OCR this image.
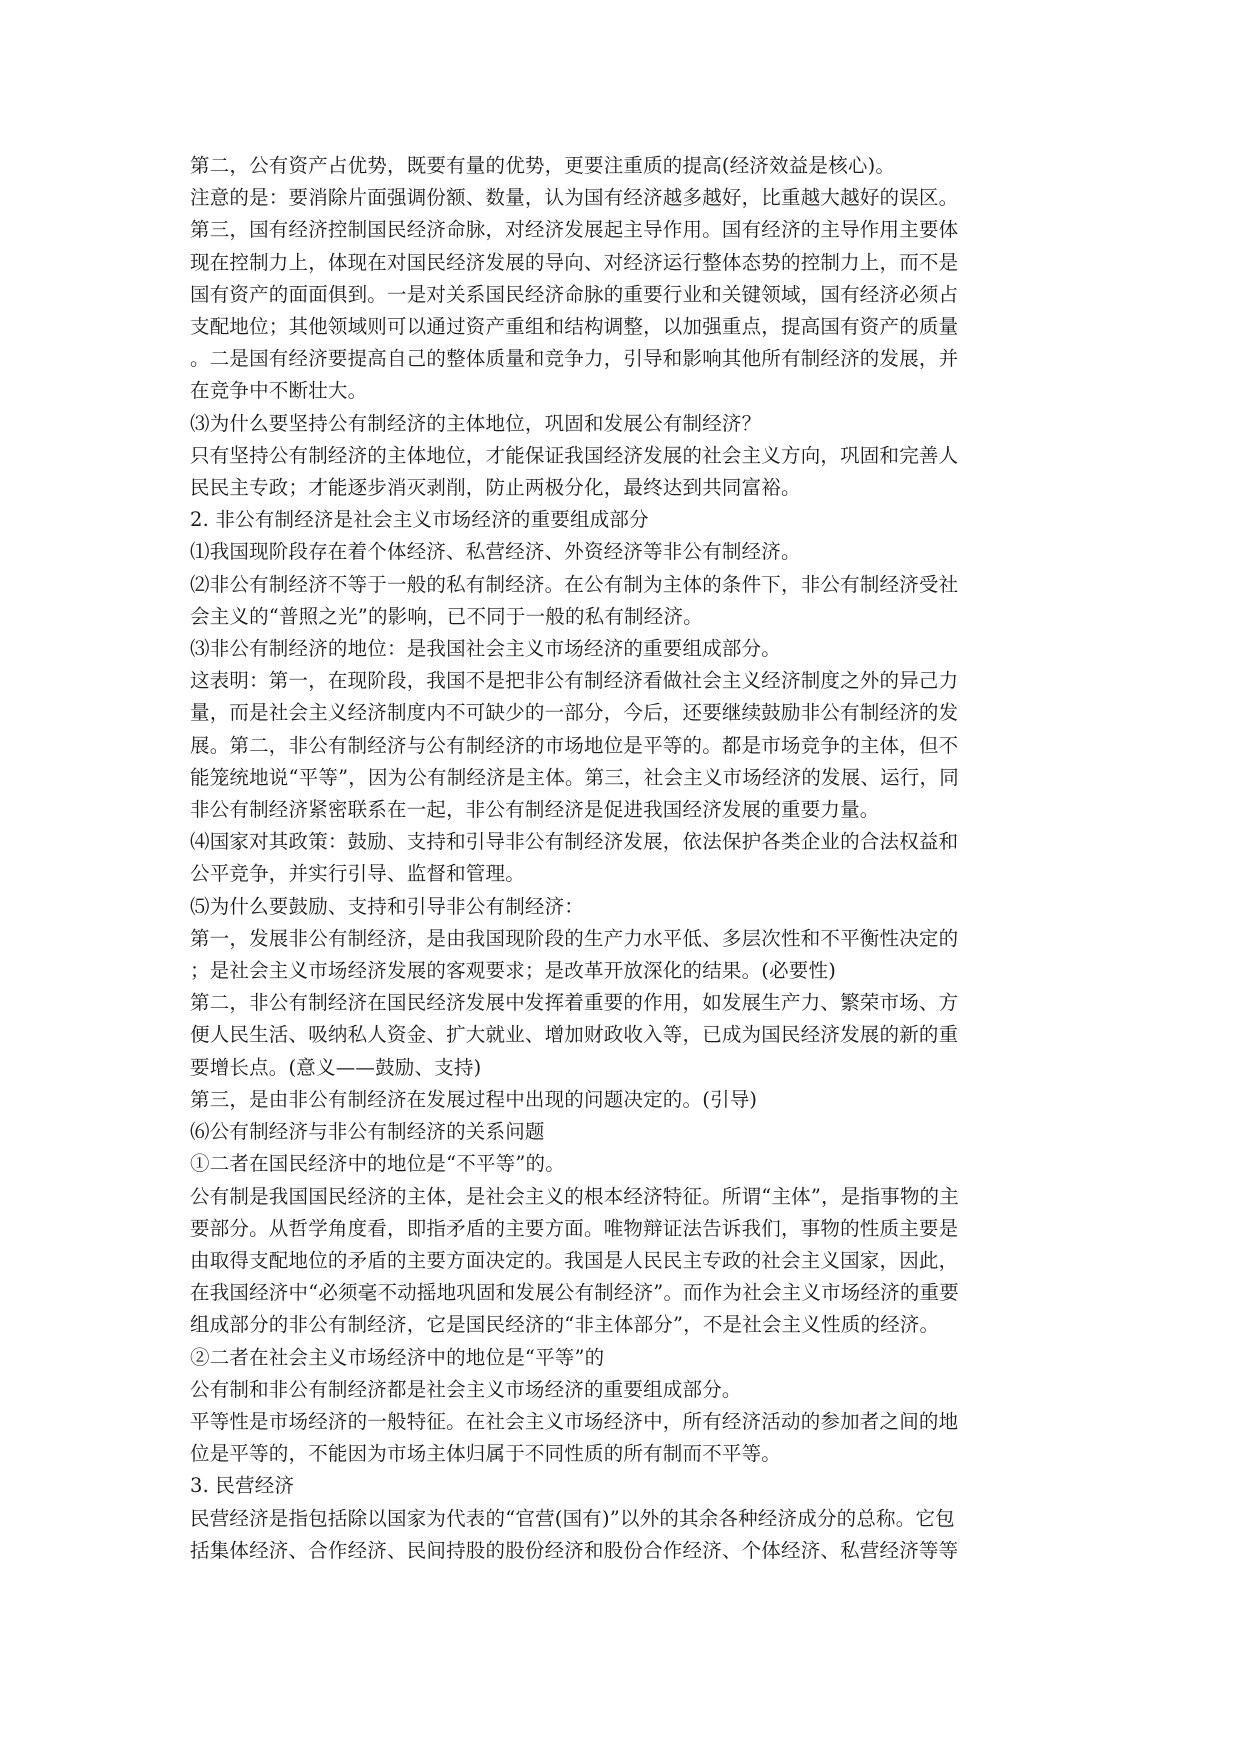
第二，公有资产占优势，既要有量的优势，更要注重质的提高(经济效益是核心)。

注意的是：要消除片面强调份额、数量，认为国有经济越多越好，比重越大越好的误区。

第三，国有经济控制国民经济命脉，对经济发展起主导作用。国有经济的主导作用主要体

现在控制力上，体现在对国民经济发展的导向、对经济运行整体态势的控制力上，而不是

国有资产的面面俱到。一是对关系国民经济命脉的重要行业和关键领域，国有经济必须占

支配地位；其他领域则可以通过资产重组和结构调整，以加强重点，提高国有资产的质量

。二是国有经济要提高自己的整体质量和竞争力，引导和影响其他所有制经济的发展，并

在竞争中不断壮大。

⑶为什么要坚持公有制经济的主体地位，巩固和发展公有制经济？

只有坚持公有制经济的主体地位，才能保证我国经济发展的社会主义方向，巩固和完善人

民民主专政；才能逐步消灭剥削，防止两极分化，最终达到共同富裕。

2. 非公有制经济是社会主义市场经济的重要组成部分

⑴我国现阶段存在着个体经济、私营经济、外资经济等非公有制经济。

⑵非公有制经济不等于一般的私有制经济。在公有制为主体的条件下，非公有制经济受社

会主义的“普照之光”的影响，已不同于一般的私有制经济。

⑶非公有制经济的地位：是我国社会主义市场经济的重要组成部分。

这表明：第一，在现阶段，我国不是把非公有制经济看做社会主义经济制度之外的异己力

量，而是社会主义经济制度内不可缺少的一部分，今后，还要继续鼓励非公有制经济的发

展。第二，非公有制经济与公有制经济的市场地位是平等的。都是市场竞争的主体，但不

能笼统地说“平等”，因为公有制经济是主体。第三，社会主义市场经济的发展、运行，同

非公有制经济紧密联系在一起，非公有制经济是促进我国经济发展的重要力量。

⑷国家对其政策：鼓励、支持和引导非公有制经济发展，依法保护各类企业的合法权益和

公平竞争，并实行引导、监督和管理。

⑸为什么要鼓励、支持和引导非公有制经济：

第一，发展非公有制经济，是由我国现阶段的生产力水平低、多层次性和不平衡性决定的

；是社会主义市场经济发展的客观要求；是改革开放深化的结果。(必要性)

第二，非公有制经济在国民经济发展中发挥着重要的作用，如发展生产力、繁荣市场、方

便人民生活、吸纳私人资金、扩大就业、增加财政收入等，已成为国民经济发展的新的重

要增长点。(意义——鼓励、支持)

第三，是由非公有制经济在发展过程中出现的问题决定的。(引导)

⑹公有制经济与非公有制经济的关系问题

①二者在国民经济中的地位是“不平等”的。

公有制是我国国民经济的主体，是社会主义的根本经济特征。所谓“主体”，是指事物的主

要部分。从哲学角度看，即指矛盾的主要方面。唯物辩证法告诉我们，事物的性质主要是

由取得支配地位的矛盾的主要方面决定的。我国是人民民主专政的社会主义国家，因此，

在我国经济中“必须毫不动摇地巩固和发展公有制经济”。而作为社会主义市场经济的重要

组成部分的非公有制经济，它是国民经济的“非主体部分”，不是社会主义性质的经济。

②二者在社会主义市场经济中的地位是“平等”的

公有制和非公有制经济都是社会主义市场经济的重要组成部分。

平等性是市场经济的一般特征。在社会主义市场经济中，所有经济活动的参加者之间的地

位是平等的，不能因为市场主体归属于不同性质的所有制而不平等。

3. 民营经济

民营经济是指包括除以国家为代表的“官营(国有)”以外的其余各种经济成分的总称。它包

括集体经济、合作经济、民间持股的股份经济和股份合作经济、个体经济、私营经济等等
